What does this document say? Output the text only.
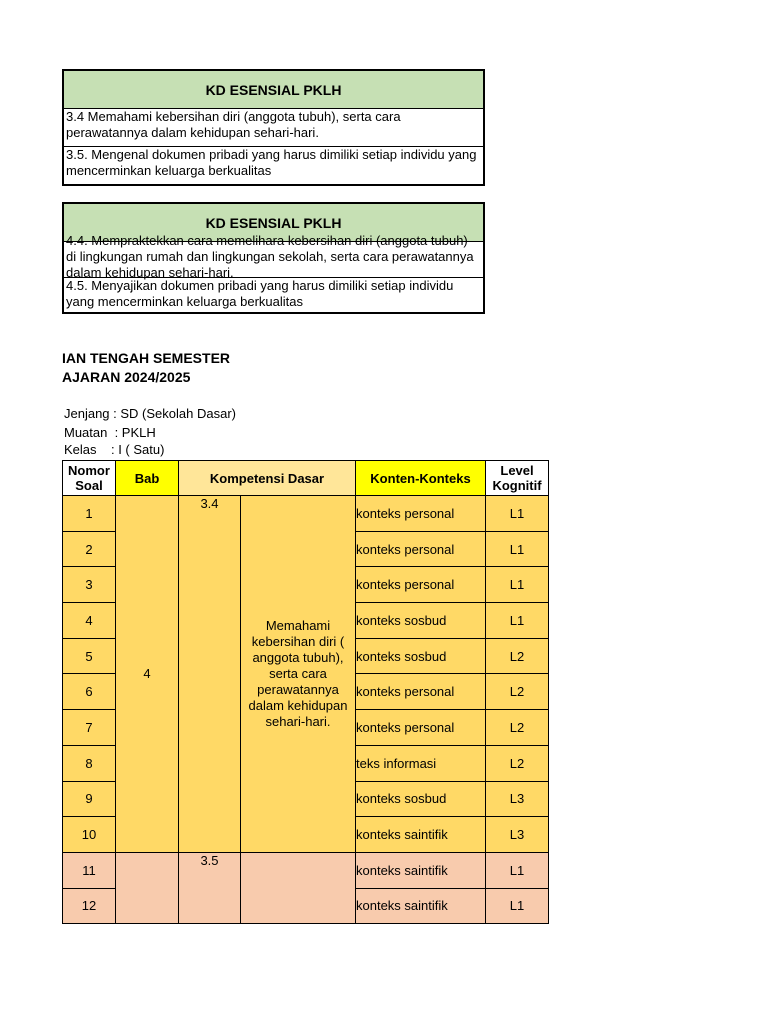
KD ESENSIAL PKLH
3.4 Memahami kebersihan diri (anggota tubuh), serta cara perawatannya dalam kehidupan sehari-hari.
3.5. Mengenal dokumen pribadi yang harus dimiliki setiap individu yang mencerminkan keluarga berkualitas
KD ESENSIAL PKLH
4.4. Mempraktekkan cara memelihara kebersihan diri (anggota tubuh) di lingkungan rumah dan lingkungan sekolah, serta cara perawatannya dalam kehidupan sehari-hari.
4.5. Menyajikan dokumen pribadi yang harus dimiliki setiap individu yang mencerminkan keluarga berkualitas
IAN TENGAH SEMESTER
AJARAN 2024/2025
Jenjang : SD (Sekolah Dasar)
Muatan  : PKLH
Kelas    : I ( Satu)
Nomor Soal	Bab	Kompetensi Dasar		Konten-Konteks	Level Kognitif
1	4	3.4	Memahami kebersihan diri ( anggota tubuh), serta cara perawatannya dalam kehidupan sehari-hari.	konteks personal	L1
2				konteks personal	L1
3				konteks personal	L1
4				konteks sosbud	L1
5				konteks sosbud	L2
6				konteks personal	L2
7				konteks personal	L2
8				teks informasi	L2
9				konteks sosbud	L3
10				konteks saintifik	L3
11		3.5		konteks saintifik	L1
12				konteks saintifik	L1
